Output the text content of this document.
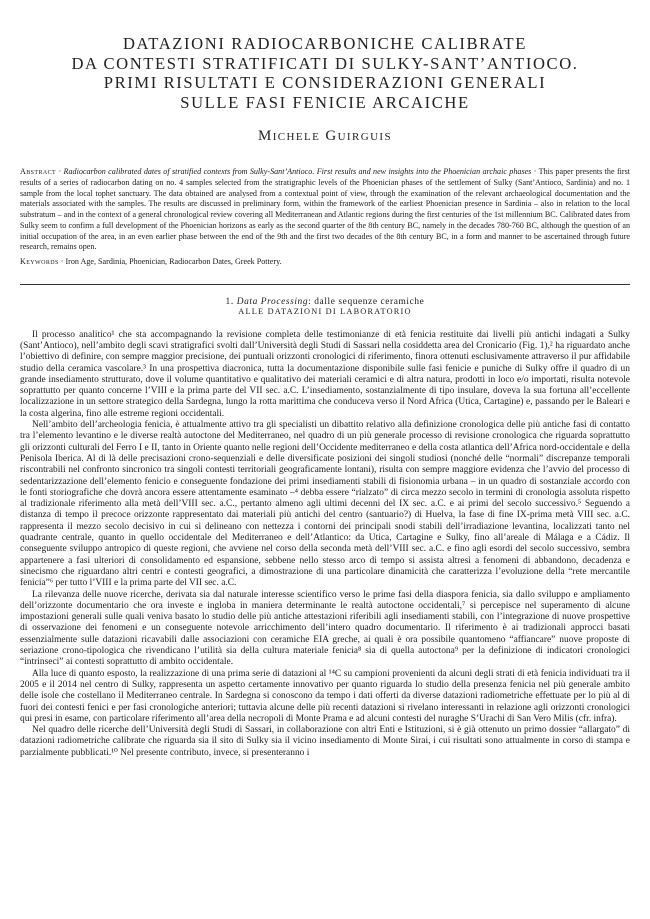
DATAZIONI RADIOCARBONICHE CALIBRATE

DA CONTESTI STRATIFICATI DI SULKY-SANT’ANTIOCO.

PRIMI RISULTATI E CONSIDERAZIONI GENERALI

SULLE FASI FENICIE ARCAICHE

Michele Guirguis

Abstract · Radiocarbon calibrated dates of stratified contexts from Sulky-Sant’Antioco. First results and new insights into the Phoenician archaic phases · This paper presents the first results of a series of radiocarbon dating on no. 4 samples selected from the stratigraphic levels of the Phoenician phases of the settlement of Sulky (Sant’Antioco, Sardinia) and no. 1 sample from the local tophet sanctuary. The data obtained are analysed from a contextual point of view, through the examination of the relevant archaeological documentation and the materials associated with the samples. The results are discussed in preliminary form, within the framework of the earliest Phoenician presence in Sardinia – also in relation to the local substratum – and in the context of a general chronological review covering all Mediterranean and Atlantic regions during the first centuries of the 1st millennium BC. Calibrated dates from Sulky seem to confirm a full development of the Phoenician horizons as early as the second quarter of the 8th century BC, namely in the decades 780-760 BC, although the question of an initial occupation of the area, in an even earlier phase between the end of the 9th and the first two decades of the 8th century BC, in a form and manner to be ascertained through future research, remains open.

Keywords · Iron Age, Sardinia, Phoenician, Radiocarbon Dates, Greek Pottery.

1. Data Processing: dalle sequenze ceramiche
ALLE DATAZIONI DI LABORATORIO

Il processo analitico¹ che sta accompagnando la revisione completa delle testimonianze di età fenicia restituite dai livelli più antichi indagati a Sulky (Sant’Antioco), nell’ambito degli scavi stratigrafici svolti dall’Università degli Studi di Sassari nella cosiddetta area del Cronicario (Fig. 1),² ha riguardato anche l’obiettivo di definire, con sempre maggior precisione, dei puntuali orizzonti cronologici di riferimento, finora ottenuti esclusivamente attraverso il pur affidabile studio della ceramica vascolare.³ In una prospettiva diacronica, tutta la documentazione disponibile sulle fasi fenicie e puniche di Sulky offre il quadro di un grande insediamento strutturato, dove il volume quantitativo e qualitativo dei materiali ceramici e di altra natura, prodotti in loco e/o importati, risulta notevole soprattutto per quanto concerne l’VIII e la prima parte del VII sec. a.C. L’insediamento, sostanzialmente di tipo insulare, doveva la sua fortuna all’eccellente localizzazione in un settore strategico della Sardegna, lungo la rotta marittima che conduceva verso il Nord Africa (Utica, Cartagine) e, passando per le Baleari e la costa algerina, fino alle estreme regioni occidentali.

Nell’ambito dell’archeologia fenicia, è attualmente attivo tra gli specialisti un dibattito relativo alla definizione cronologica delle più antiche fasi di contatto tra l’elemento levantino e le diverse realtà autoctone del Mediterraneo, nel quadro di un più generale processo di revisione cronologica che riguarda soprattutto gli orizzonti culturali del Ferro I e II, tanto in Oriente quanto nelle regioni dell’Occidente mediterraneo e della costa atlantica dell’Africa nord-occidentale e della Penisola Iberica. Al di là delle precisazioni crono-sequenziali e delle diversificate posizioni dei singoli studiosi (nonché delle “normali” discrepanze temporali riscontrabili nel confronto sincronico tra singoli contesti territoriali geograficamente lontani), risulta con sempre maggiore evidenza che l’avvio del processo di sedentarizzazione dell’elemento fenicio e conseguente fondazione dei primi insediamenti stabili di fisionomia urbana – in un quadro di sostanziale accordo con le fonti storiografiche che dovrà ancora essere attentamente esaminato –⁴ debba essere “rialzato” di circa mezzo secolo in termini di cronologia assoluta rispetto al tradizionale riferimento alla metà dell’VIII sec. a.C., pertanto almeno agli ultimi decenni del IX sec. a.C. e ai primi del secolo successivo.⁵ Seguendo a distanza di tempo il precoce orizzonte rappresentato dai materiali più antichi del centro (santuario?) di Huelva, la fase di fine IX-prima metà VIII sec. a.C. rappresenta il mezzo secolo decisivo in cui si delineano con nettezza i contorni dei principali snodi stabili dell’irradiazione levantina, localizzati tanto nel quadrante centrale, quanto in quello occidentale del Mediterraneo e dell’Atlantico: da Utica, Cartagine e Sulky, fino all’areale di Málaga e a Cádiz. Il conseguente sviluppo antropico di queste regioni, che avviene nel corso della seconda metà dell’VIII sec. a.C. e fino agli esordi del secolo successivo, sembra appartenere a fasi ulteriori di consolidamento ed espansione, sebbene nello stesso arco di tempo si assista altresì a fenomeni di abbandono, decadenza e sinecismo che riguardano altri centri e contesti geografici, a dimostrazione di una particolare dinamicità che caratterizza l’evoluzione della “rete mercantile fenicia”⁶ per tutto l’VIII e la prima parte del VII sec. a.C.

La rilevanza delle nuove ricerche, derivata sia dal naturale interesse scientifico verso le prime fasi della diaspora fenicia, sia dallo sviluppo e ampliamento dell’orizzonte documentario che ora investe e ingloba in maniera determinante le realtà autoctone occidentali,⁷ si percepisce nel superamento di alcune impostazioni generali sulle quali veniva basato lo studio delle più antiche attestazioni riferibili agli insediamenti stabili, con l’integrazione di nuove prospettive di osservazione dei fenomeni e un conseguente notevole arricchimento dell’intero quadro documentario. Il riferimento è ai tradizionali approcci basati essenzialmente sulle datazioni ricavabili dalle associazioni con ceramiche EIA greche, ai quali è ora possibile quantomeno “affiancare” nuove proposte di seriazione crono-tipologica che rivendicano l’utilità sia della cultura materiale fenicia⁸ sia di quella autoctona⁹ per la definizione di indicatori cronologici “intrinseci” ai contesti soprattutto di ambito occidentale.

Alla luce di quanto esposto, la realizzazione di una prima serie di datazioni al ¹⁴C su campioni provenienti da alcuni degli strati di età fenicia individuati tra il 2005 e il 2014 nel centro di Sulky, rappresenta un aspetto certamente innovativo per quanto riguarda lo studio della presenza fenicia nel più generale ambito delle isole che costellano il Mediterraneo centrale. In Sardegna si conoscono da tempo i dati offerti da diverse datazioni radiometriche effettuate per lo più al di fuori dei contesti fenici e per fasi cronologiche anteriori; tuttavia alcune delle più recenti datazioni si rivelano interessanti in relazione agli orizzonti cronologici qui presi in esame, con particolare riferimento all’area della necropoli di Monte Prama e ad alcuni contesti del nuraghe S’Urachi di San Vero Milis (cfr. infra).

Nel quadro delle ricerche dell’Università degli Studi di Sassari, in collaborazione con altri Enti e Istituzioni, si è già ottenuto un primo dossier “allargato” di datazioni radiometriche calibrate che riguarda sia il sito di Sulky sia il vicino insediamento di Monte Sirai, i cui risultati sono attualmente in corso di stampa e parzialmente pubblicati.¹⁰ Nel presente contributo, invece, si presenteranno i
